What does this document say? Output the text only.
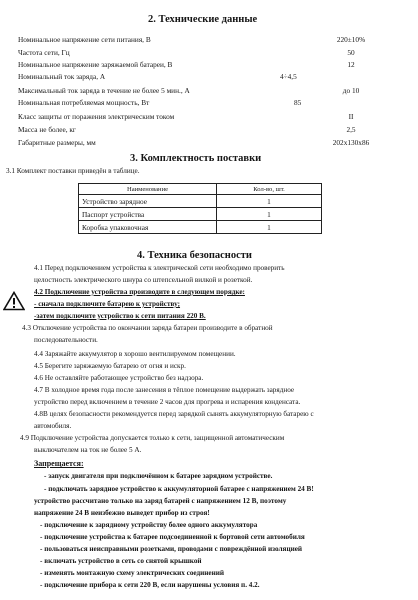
2. Технические данные
Номинальное напряжение сети питания, В	220±10%
Частота сети, Гц	50
Номинальное напряжение заряжаемой батареи, В	12
Номинальный ток заряда, А	4÷4,5
Максимальный ток заряда в течение не более 5 мин., А	до 10
Номинальная потребляемая мощность, Вт	85
Класс защиты от поражения электрическим током	II
Масса не более, кг	2,5
Габаритные размеры, мм	202х130х86
3. Комплектность поставки
3.1 Комплект поставки приведён в таблице.
Наименование	Кол-во, шт.
Устройство зарядное	1
Паспорт устройства	1
Коробка упаковочная	1
4. Техника безопасности
4.1 Перед подключением устройства к электрической сети необходимо проверить
целостность электрического шнура со штепсельной вилкой и розеткой.
4.2 Подключение устройства производите в следующем порядке:
- сначала подключите батарею к устройству;
-затем подключите устройство к сети питания 220 В.
4.3 Отключение устройства по окончании заряда батареи производите в обратной
последовательности.
4.4 Заряжайте аккумулятор в хорошо вентилируемом помещении.
4.5 Берегите заряжаемую батарею от огня и искр.
4.6 Не оставляйте работающее устройство без надзора.
4.7 В холодное время года после занесения в тёплое помещение выдержать зарядное
устройство перед включением в течение 2 часов для прогрева и испарения конденсата.
4.8В целях безопасности рекомендуется перед зарядкой сынять аккумуляторную батарею с
автомобиля.
4.9 Подключение устройства допускается только к сети, защищенной автоматическим
выключателем на ток не более 5 А.
Запрещается:
- запуск двигателя при подключённом к батарее зарядном устройстве.
- подключать зарядное устройство к аккумуляторной батарее с напряжением 24 В!
устройство рассчитано только на заряд батарей с напряжением 12 В, поэтому
напряжение 24 В неизбежно выведет прибор из строя!
- подключение к зарядному устройству более одного аккумулятора
- подключение устройства к батарее подсоединенной к бортовой сети автомобиля
- пользоваться неисправными розетками, проводами с повреждённой изоляцией
- включать устройство в сеть со снятой крышкой
- изменять монтажную схему электрических соединений
- подключение прибора к сети 220 В, если нарушены условия п. 4.2.
